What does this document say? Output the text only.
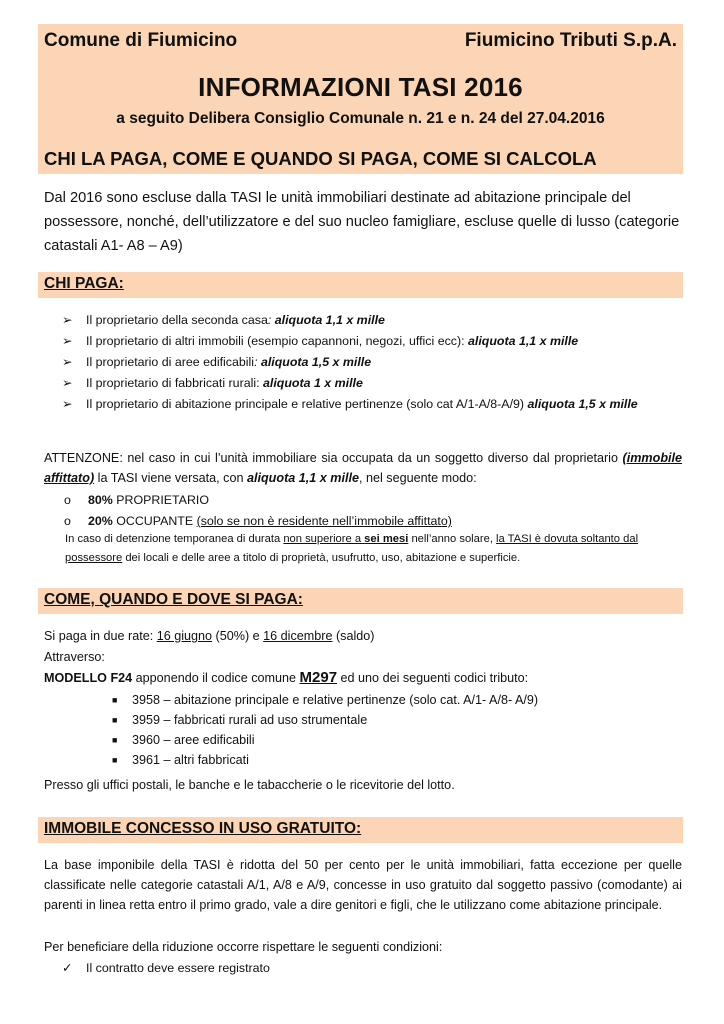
Comune di Fiumicino	Fiumicino Tributi S.p.A.
INFORMAZIONI TASI 2016
a seguito Delibera Consiglio Comunale n. 21 e n. 24 del 27.04.2016
CHI LA PAGA, COME E QUANDO SI PAGA, COME SI CALCOLA
Dal 2016 sono escluse dalla TASI le unità immobiliari destinate ad abitazione principale del possessore, nonché, dell’utilizzatore e del suo nucleo famigliare, escluse quelle di lusso (categorie catastali A1- A8 – A9)
CHI PAGA:
➢ Il proprietario della seconda casa: aliquota 1,1 x mille
➢ Il proprietario di altri immobili (esempio capannoni, negozi, uffici ecc): aliquota 1,1 x mille
➢ Il proprietario di aree edificabili: aliquota 1,5 x mille
➢ Il proprietario di fabbricati rurali: aliquota 1 x mille
➢ Il proprietario di abitazione principale e relative pertinenze (solo cat A/1-A/8-A/9) aliquota 1,5 x mille
ATTENZONE: nel caso in cui l’unità immobiliare sia occupata da un soggetto diverso dal proprietario (immobile affittato) la TASI viene versata, con aliquota 1,1 x mille, nel seguente modo:
o 80% PROPRIETARIO
o 20% OCCUPANTE (solo se non è residente nell’immobile affittato)
In caso di detenzione temporanea di durata non superiore a sei mesi nell’anno solare, la TASI è dovuta soltanto dal possessore dei locali e delle aree a titolo di proprietà, usufrutto, uso, abitazione e superficie.
COME, QUANDO E DOVE SI PAGA:
Si paga in due rate: 16 giugno (50%) e 16 dicembre (saldo)
Attraverso:
MODELLO F24 apponendo il codice comune M297 ed uno dei seguenti codici tributo:
■ 3958 – abitazione principale e relative pertinenze (solo cat. A/1- A/8- A/9)
■ 3959 – fabbricati rurali ad uso strumentale
■ 3960 – aree edificabili
■ 3961 – altri fabbricati
Presso gli uffici postali, le banche e le tabaccherie o le ricevitorie del lotto.
IMMOBILE CONCESSO IN USO GRATUITO:
La base imponibile della TASI è ridotta del 50 per cento per le unità immobiliari, fatta eccezione per quelle classificate nelle categorie catastali A/1, A/8 e A/9, concesse in uso gratuito dal soggetto passivo (comodante) ai parenti in linea retta entro il primo grado, vale a dire genitori e figli, che le utilizzano come abitazione principale.
Per beneficiare della riduzione occorre rispettare le seguenti condizioni:
✓ Il contratto deve essere registrato
